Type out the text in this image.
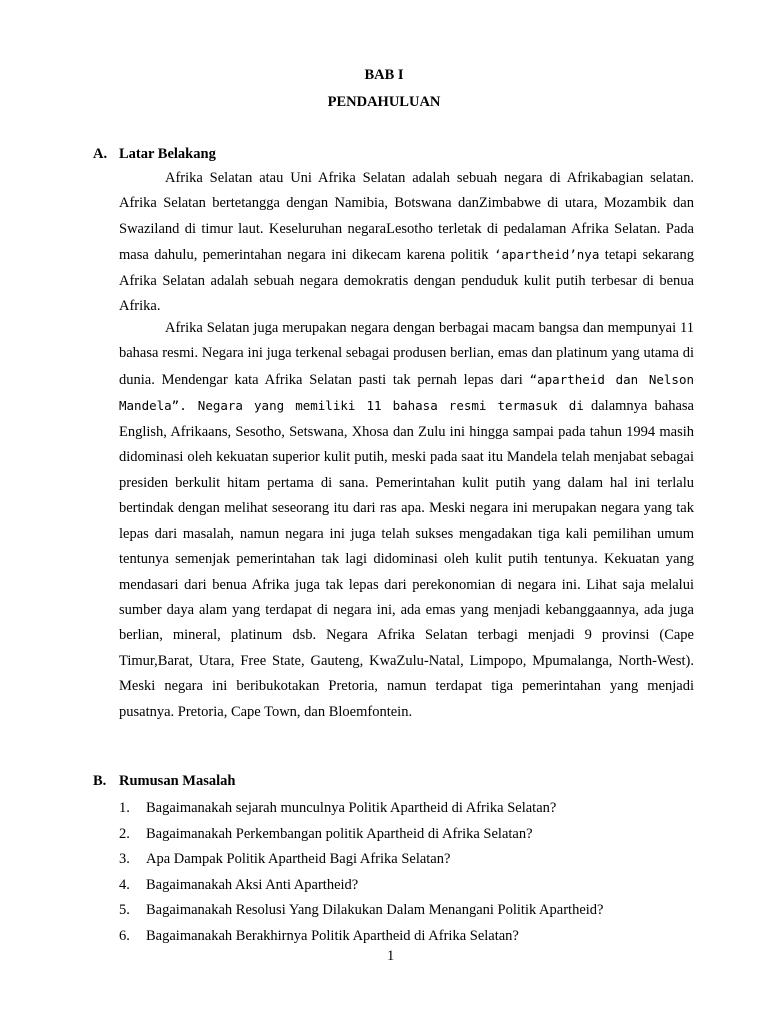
BAB I
PENDAHULUAN
A. Latar Belakang

Afrika Selatan atau Uni Afrika Selatan adalah sebuah negara di Afrikabagian selatan. Afrika Selatan bertetangga dengan Namibia, Botswana danZimbabwe di utara, Mozambik dan Swaziland di timur laut. Keseluruhan negaraLesotho terletak di pedalaman Afrika Selatan. Pada masa dahulu, pemerintahan negara ini dikecam karena politik ‘apartheid’nya tetapi sekarang Afrika Selatan adalah sebuah negara demokratis dengan penduduk kulit putih terbesar di benua Afrika.

Afrika Selatan juga merupakan negara dengan berbagai macam bangsa dan mempunyai 11 bahasa resmi. Negara ini juga terkenal sebagai produsen berlian, emas dan platinum yang utama di dunia. Mendengar kata Afrika Selatan pasti tak pernah lepas dari “apartheid dan Nelson Mandela”. Negara yang memiliki 11 bahasa resmi termasuk di dalamnya bahasa English, Afrikaans, Sesotho, Setswana, Xhosa dan Zulu ini hingga sampai pada tahun 1994 masih didominasi oleh kekuatan superior kulit putih, meski pada saat itu Mandela telah menjabat sebagai presiden berkulit hitam pertama di sana. Pemerintahan kulit putih yang dalam hal ini terlalu bertindak dengan melihat seseorang itu dari ras apa. Meski negara ini merupakan negara yang tak lepas dari masalah, namun negara ini juga telah sukses mengadakan tiga kali pemilihan umum tentunya semenjak pemerintahan tak lagi didominasi oleh kulit putih tentunya. Kekuatan yang mendasari dari benua Afrika juga tak lepas dari perekonomian di negara ini. Lihat saja melalui sumber daya alam yang terdapat di negara ini, ada emas yang menjadi kebanggaannya, ada juga berlian, mineral, platinum dsb. Negara Afrika Selatan terbagi menjadi 9 provinsi (Cape Timur,Barat, Utara, Free State, Gauteng, KwaZulu-Natal, Limpopo, Mpumalanga, North-West). Meski negara ini beribukotakan Pretoria, namun terdapat tiga pemerintahan yang menjadi pusatnya. Pretoria, Cape Town, dan Bloemfontein.

B. Rumusan Masalah
1. Bagaimanakah sejarah munculnya Politik Apartheid di Afrika Selatan?
2. Bagaimanakah Perkembangan politik Apartheid di Afrika Selatan?
3. Apa Dampak Politik Apartheid Bagi Afrika Selatan?
4. Bagaimanakah Aksi Anti Apartheid?
5. Bagaimanakah Resolusi Yang Dilakukan Dalam Menangani Politik Apartheid?
6. Bagaimanakah Berakhirnya Politik Apartheid di Afrika Selatan?
1
